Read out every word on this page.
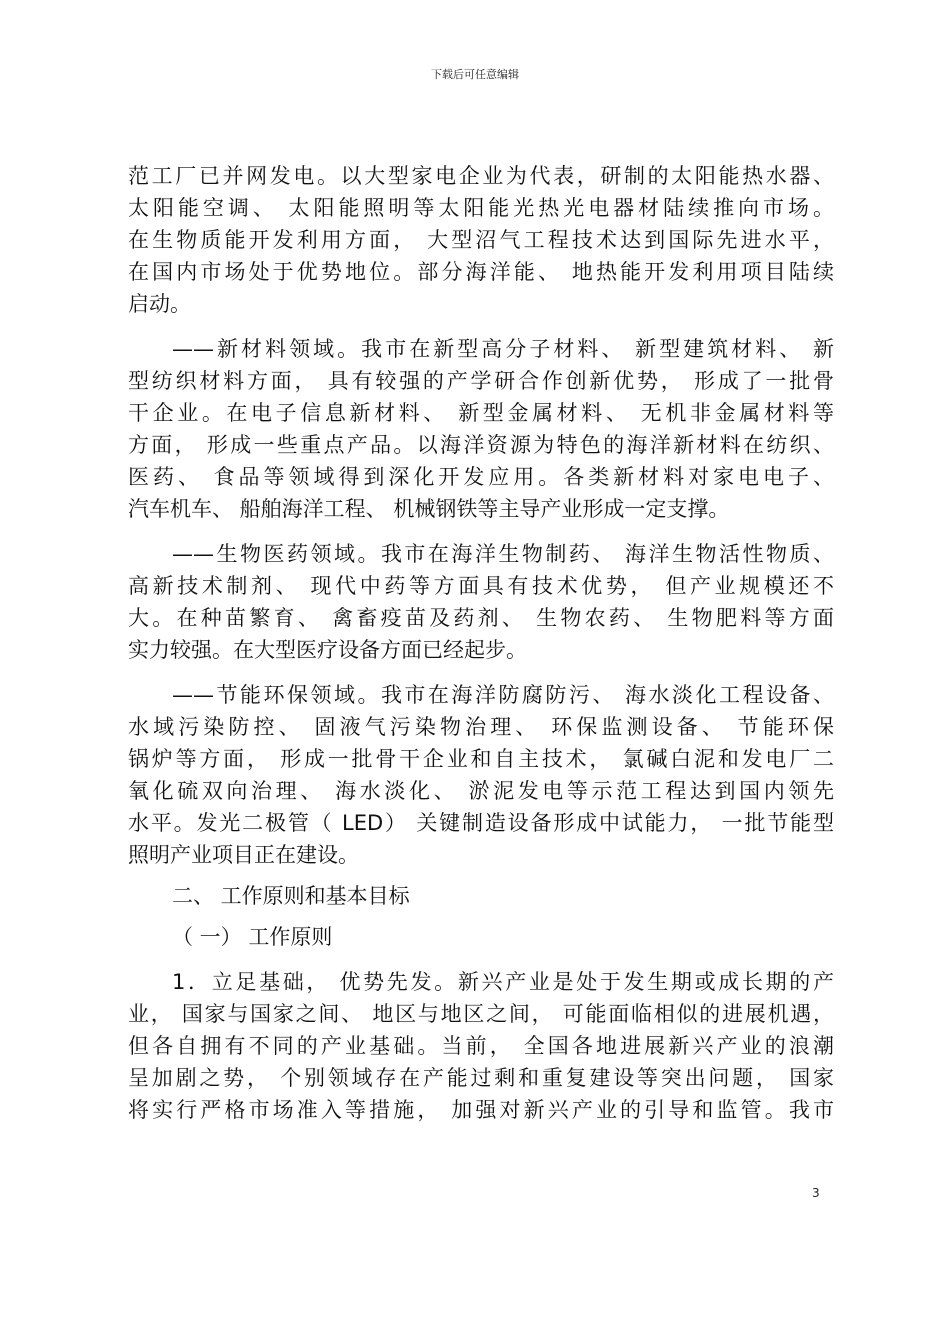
下载后可任意编辑
范工厂已并网发电。以大型家电企业为代表，研制的太阳能热水器、
太阳能空调、 太阳能照明等太阳能光热光电器材陆续推向市场。
在生物质能开发利用方面， 大型沼气工程技术达到国际先进水平，
在国内市场处于优势地位。部分海洋能、 地热能开发利用项目陆续
启动。
——新材料领域。我市在新型高分子材料、 新型建筑材料、 新
型纺织材料方面， 具有较强的产学研合作创新优势， 形成了一批骨
干企业。在电子信息新材料、 新型金属材料、 无机非金属材料等
方面， 形成一些重点产品。以海洋资源为特色的海洋新材料在纺织、
医药、 食品等领域得到深化开发应用。各类新材料对家电电子、
汽车机车、 船舶海洋工程、 机械钢铁等主导产业形成一定支撑。
——生物医药领域。我市在海洋生物制药、 海洋生物活性物质、
高新技术制剂、 现代中药等方面具有技术优势， 但产业规模还不
大。在种苗繁育、 禽畜疫苗及药剂、 生物农药、 生物肥料等方面
实力较强。在大型医疗设备方面已经起步。
——节能环保领域。我市在海洋防腐防污、 海水淡化工程设备、
水域污染防控、 固液气污染物治理、 环保监测设备、 节能环保
锅炉等方面， 形成一批骨干企业和自主技术， 氯碱白泥和发电厂二
氧化硫双向治理、 海水淡化、 淤泥发电等示范工程达到国内领先
水平。发光二极管（ LED） 关键制造设备形成中试能力， 一批节能型
照明产业项目正在建设。
二、 工作原则和基本目标
（ 一） 工作原则
1．立足基础， 优势先发。新兴产业是处于发生期或成长期的产
业， 国家与国家之间、 地区与地区之间， 可能面临相似的进展机遇，
但各自拥有不同的产业基础。当前， 全国各地进展新兴产业的浪潮
呈加剧之势， 个别领域存在产能过剩和重复建设等突出问题， 国家
将实行严格市场准入等措施， 加强对新兴产业的引导和监管。我市
3
